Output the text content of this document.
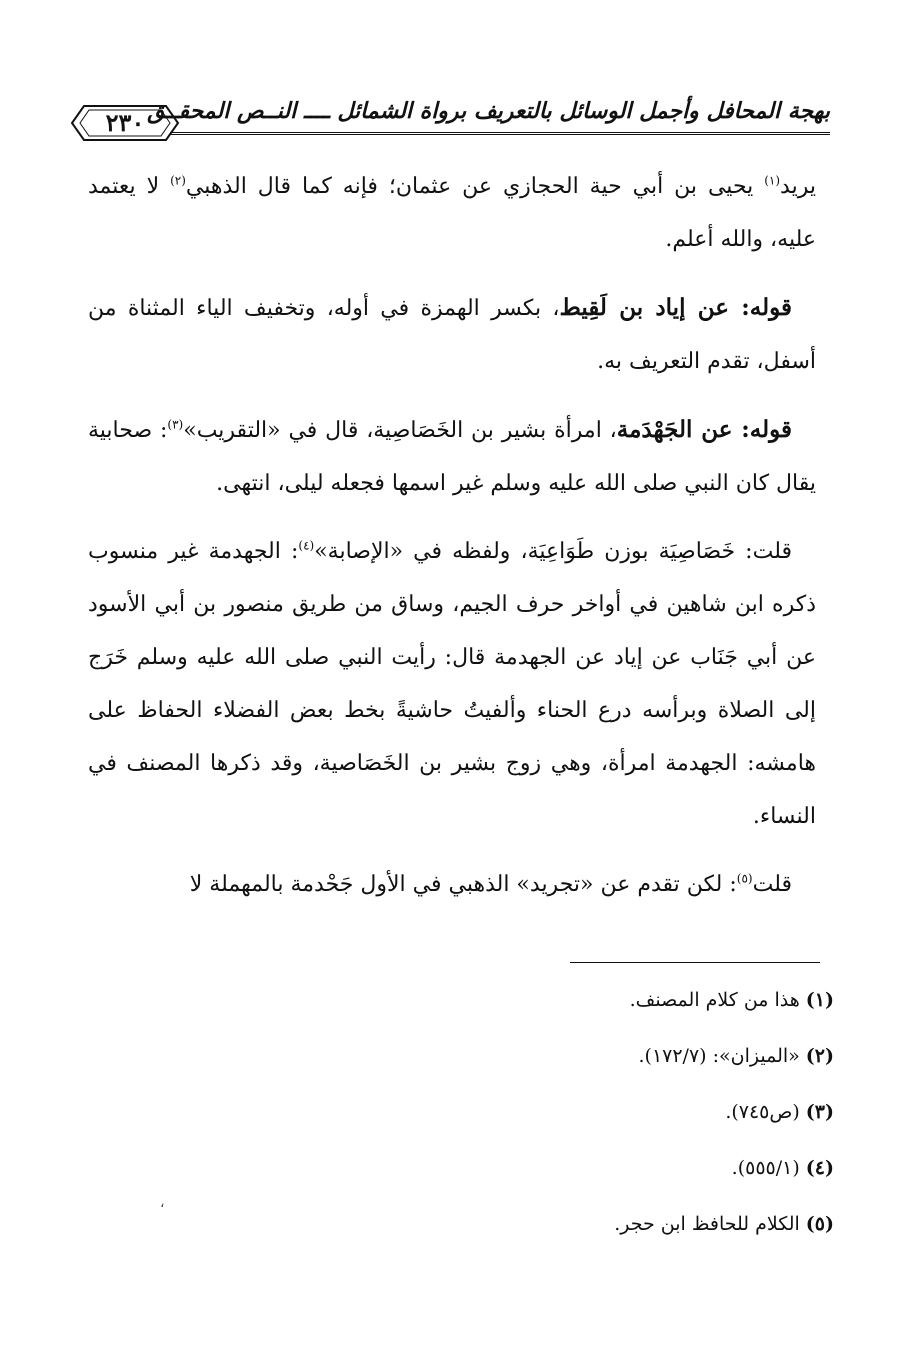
٢٣٠ بهجة المحافل وأجمل الوسائل بالتعريف برواة الشمائل ــــ النــص المحقــق

يريد$^{(١)}$ يحيى بن أبي حية الحجازي عن عثمان؛ فإنه كما قال الذهبي$^{(٢)}$ لا يعتمد عليه، والله أعلم.

قوله: عن إياد بن لَقِيط، بكسر الهمزة في أوله، وتخفيف الياء المثناة من أسفل، تقدم التعريف به.

قوله: عن الجَهْدَمة، امرأة بشير بن الخَصَاصِية، قال في «التقريب»$^{(٣)}$: صحابية يقال كان النبي صلى الله عليه وسلم غير اسمها فجعله ليلى، انتهى.

قلت: خَصَاصِيَة بوزن طَوَاعِيَة، ولفظه في «الإصابة»$^{(٤)}$: الجهدمة غير منسوب ذكره ابن شاهين في أواخر حرف الجيم، وساق من طريق منصور بن أبي الأسود عن أبي جَنَاب عن إياد عن الجهدمة قال: رأيت النبي صلى الله عليه وسلم خَرَج إلى الصلاة وبرأسه درع الحناء وألفيتُ حاشيةً بخط بعض الفضلاء الحفاظ على هامشه: الجهدمة امرأة، وهي زوج بشير بن الخَصَاصية، وقد ذكرها المصنف في النساء.

قلت$^{(٥)}$: لكن تقدم عن «تجريد» الذهبي في الأول جَحْدمة بالمهملة لا

(١)هذا من كلام المصنف.
(٢)«الميزان»: (١٧٢/٧).
(٣)(ص٧٤٥).
(٤)(٥٥٥/١).
(٥)الكلام للحافظ ابن حجر.
،
